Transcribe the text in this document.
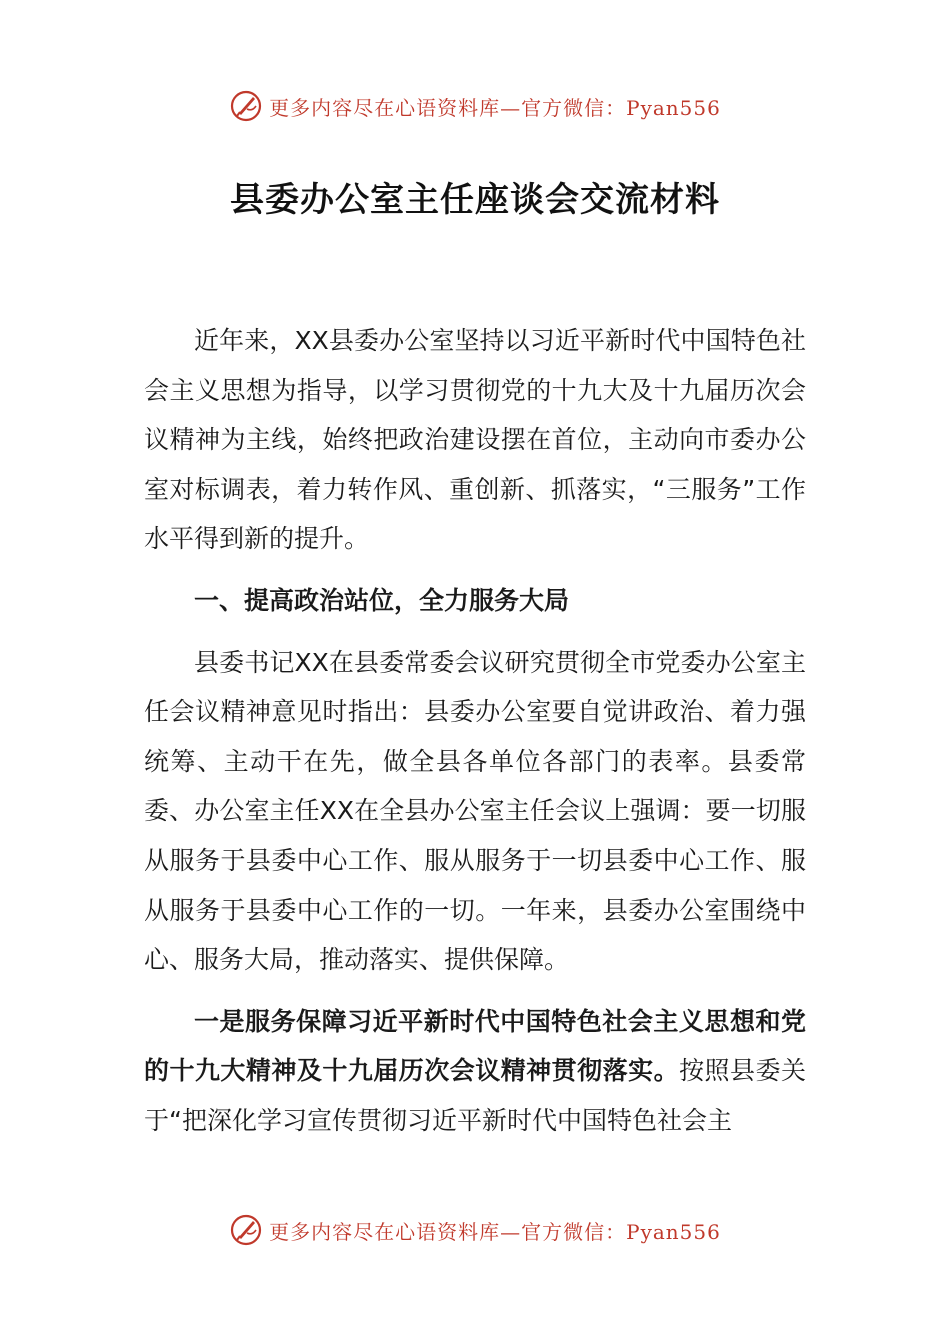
更多内容尽在心语资料库—官方微信：Pyan556
县委办公室主任座谈会交流材料

近年来，XX县委办公室坚持以习近平新时代中国特色社会主义思想为指导，以学习贯彻党的十九大及十九届历次会议精神为主线，始终把政治建设摆在首位，主动向市委办公室对标调表，着力转作风、重创新、抓落实，“三服务”工作水平得到新的提升。

一、提高政治站位，全力服务大局

县委书记XX在县委常委会议研究贯彻全市党委办公室主任会议精神意见时指出：县委办公室要自觉讲政治、着力强统筹、主动干在先，做全县各单位各部门的表率。县委常委、办公室主任XX在全县办公室主任会议上强调：要一切服从服务于县委中心工作、服从服务于一切县委中心工作、服从服务于县委中心工作的一切。一年来，县委办公室围绕中心、服务大局，推动落实、提供保障。

一是服务保障习近平新时代中国特色社会主义思想和党的十九大精神及十九届历次会议精神贯彻落实。按照县委关于“把深化学习宣传贯彻习近平新时代中国特色社会主

更多内容尽在心语资料库—官方微信：Pyan556
